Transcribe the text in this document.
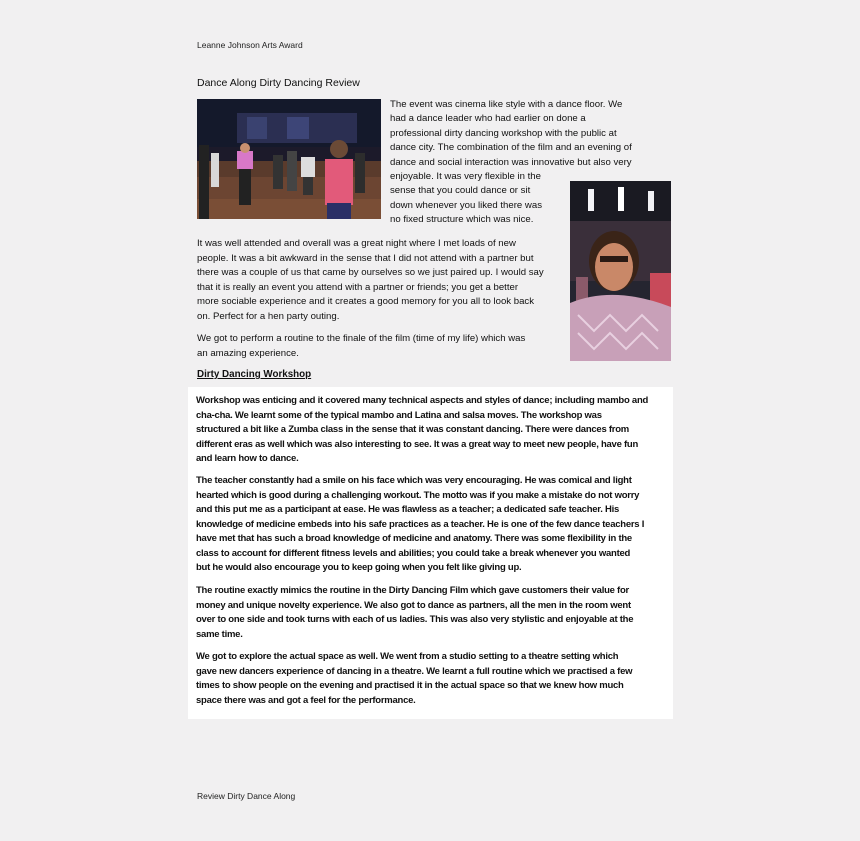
Leanne Johnson Arts Award
Dance Along Dirty Dancing Review

The event was cinema like style with a dance floor. We
had a dance leader who had earlier on done a
professional dirty dancing workshop with the public at
dance city. The combination of the film and an evening of
dance and social interaction was innovative but also very
enjoyable. It was very flexible in the
sense that you could dance or sit
down whenever you liked there was
no fixed structure which was nice.

It was well attended and overall was a great night where I met loads of new
people. It was a bit awkward in the sense that I did not attend with a partner but
there was a couple of us that came by ourselves so we just paired up. I would say
that it is really an event you attend with a partner or friends; you get a better
more sociable experience and it creates a good memory for you all to look back
on. Perfect for a hen party outing.

We got to perform a routine to the finale of the film (time of my life) which was
an amazing experience.

Dirty Dancing Workshop

Workshop was enticing and it covered many technical aspects and styles of dance; including mambo and
cha-cha. We learnt some of the typical mambo and Latina and salsa moves. The workshop was
structured a bit like a Zumba class in the sense that it was constant dancing. There were dances from
different eras as well which was also interesting to see. It was a great way to meet new people, have fun
and learn how to dance.

The teacher constantly had a smile on his face which was very encouraging. He was comical and light
hearted which is good during a challenging workout. The motto was if you make a mistake do not worry
and this put me as a participant at ease. He was flawless as a teacher; a dedicated safe teacher. His
knowledge of medicine embeds into his safe practices as a teacher. He is one of the few dance teachers I
have met that has such a broad knowledge of medicine and anatomy. There was some flexibility in the
class to account for different fitness levels and abilities; you could take a break whenever you wanted
but he would also encourage you to keep going when you felt like giving up.

The routine exactly mimics the routine in the Dirty Dancing Film which gave customers their value for
money and unique novelty experience. We also got to dance as partners, all the men in the room went
over to one side and took turns with each of us ladies. This was also very stylistic and enjoyable at the
same time.

We got to explore the actual space as well. We went from a studio setting to a theatre setting which
gave new dancers experience of dancing in a theatre. We learnt a full routine which we practised a few
times to show people on the evening and practised it in the actual space so that we knew how much
space there was and got a feel for the performance.

Review Dirty Dance Along
